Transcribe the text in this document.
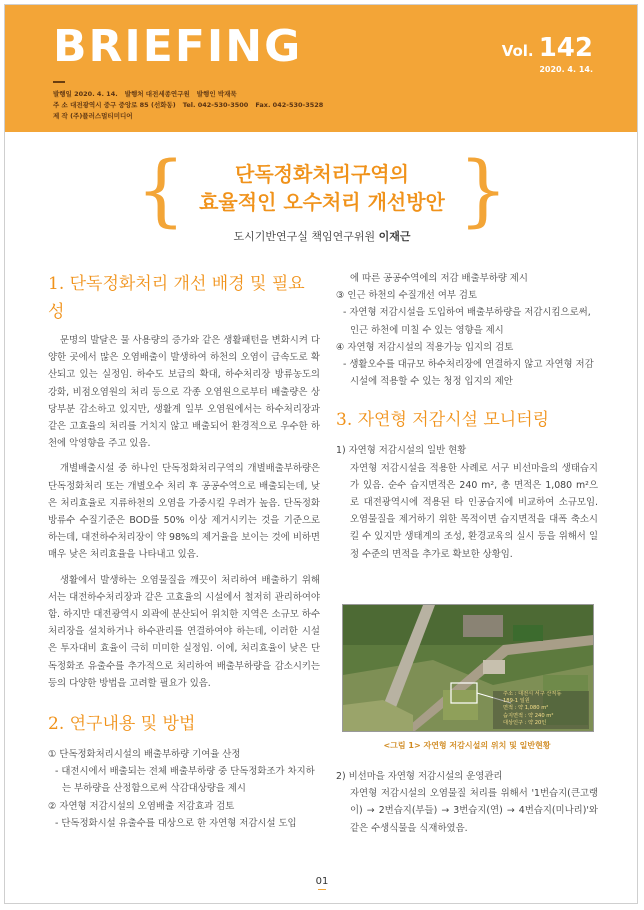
BRIEFING	Vol. 142
2020. 4. 14.
발행일 2020. 4. 14. 발행처 대전세종연구원 발행인 박재묵
주 소 대전광역시 중구 중앙로 85 (선화동) Tel. 042-530-3500 Fax. 042-530-3528
제 작 (주)플러스멀티미디어
{	}
단독정화처리구역의
효율적인 오수처리 개선방안
도시기반연구실 책임연구위원 이재근
1. 단독정화처리 개선 배경 및 필요성

문명의 발달은 물 사용량의 증가와 같은 생활패턴을 변화시켜 다양한 곳에서 많은 오염배출이 발생하여 하천의 오염이 급속도로 확산되고 있는 실정임. 하수도 보급의 확대, 하수처리장 방류농도의 강화, 비점오염원의 처리 등으로 각종 오염원으로부터 배출량은 상당부분 감소하고 있지만, 생활계 일부 오염원에서는 하수처리장과 같은 고효율의 처리를 거치지 않고 배출되어 환경적으로 우수한 하천에 악영향을 주고 있음.

개별배출시설 중 하나인 단독정화처리구역의 개별배출부하량은 단독정화처리 또는 개별오수 처리 후 공공수역으로 배출되는데, 낮은 처리효율로 지류하천의 오염을 가중시킬 우려가 높음. 단독정화 방류수 수질기준은 BOD를 50% 이상 제거시키는 것을 기준으로 하는데, 대전하수처리장이 약 98%의 제거율을 보이는 것에 비하면 매우 낮은 처리효율을 나타내고 있음.

생활에서 발생하는 오염물질을 깨끗이 처리하여 배출하기 위해서는 대전하수처리장과 같은 고효율의 시설에서 철저히 관리하여야 함. 하지만 대전광역시 외곽에 분산되어 위치한 지역은 소규모 하수처리장을 설치하거나 하수관리를 연결하여야 하는데, 이러한 시설은 투자대비 효율이 극히 미미한 실정임. 이에, 처리효율이 낮은 단독정화조 유출수를 추가적으로 처리하여 배출부하량을 감소시키는 등의 다양한 방법을 고려할 필요가 있음.

2. 연구내용 및 방법

① 단독정화처리시설의 배출부하량 기여율 산정

- 대전시에서 배출되는 전체 배출부하량 중 단독정화조가 차지하는 부하량을 산정함으로써 삭감대상량을 제시

② 자연형 저감시설의 오염배출 저감효과 검토

- 단독정화시설 유출수를 대상으로 한 자연형 저감시설 도입

에 따른 공공수역에의 저감 배출부하량 제시

③ 인근 하천의 수질개선 여부 검토

- 자연형 저감시설을 도입하여 배출부하량을 저감시킴으로써, 인근 하천에 미칠 수 있는 영향을 제시

④ 자연형 저감시설의 적용가능 입지의 검토

- 생활오수를 대규모 하수처리장에 연결하지 않고 자연형 저감시설에 적용할 수 있는 청정 입지의 제안

3. 자연형 저감시설 모니터링

1) 자연형 저감시설의 일반 현황

자연형 저감시설을 적용한 사례로 서구 비선마을의 생태습지가 있음. 순수 습지면적은 240 m², 총 면적은 1,080 m²으로 대전광역시에 적용된 타 인공습지에 비교하여 소규모임. 오염물질을 제거하기 위한 목적이면 습지면적을 대폭 축소시킬 수 있지만 생태계의 조성, 환경교육의 실시 등을 위해서 일정 수준의 면적을 추가로 확보한 상황임.

주소 : 대전시 서구 산직동
189-1 일원
면적 : 약 1,080 m²
습지면적 : 약 240 m²
대상인구 : 약 20인
<그림 1> 자연형 저감시설의 위치 및 일반현황

2) 비선마을 자연형 저감시설의 운영관리

자연형 저감시설의 오염물질 처리를 위해서 '1번습지(큰고랭이) → 2번습지(부들) → 3번습지(연) → 4번습지(미나리)'와 같은 수생식물을 식재하였음.

01
